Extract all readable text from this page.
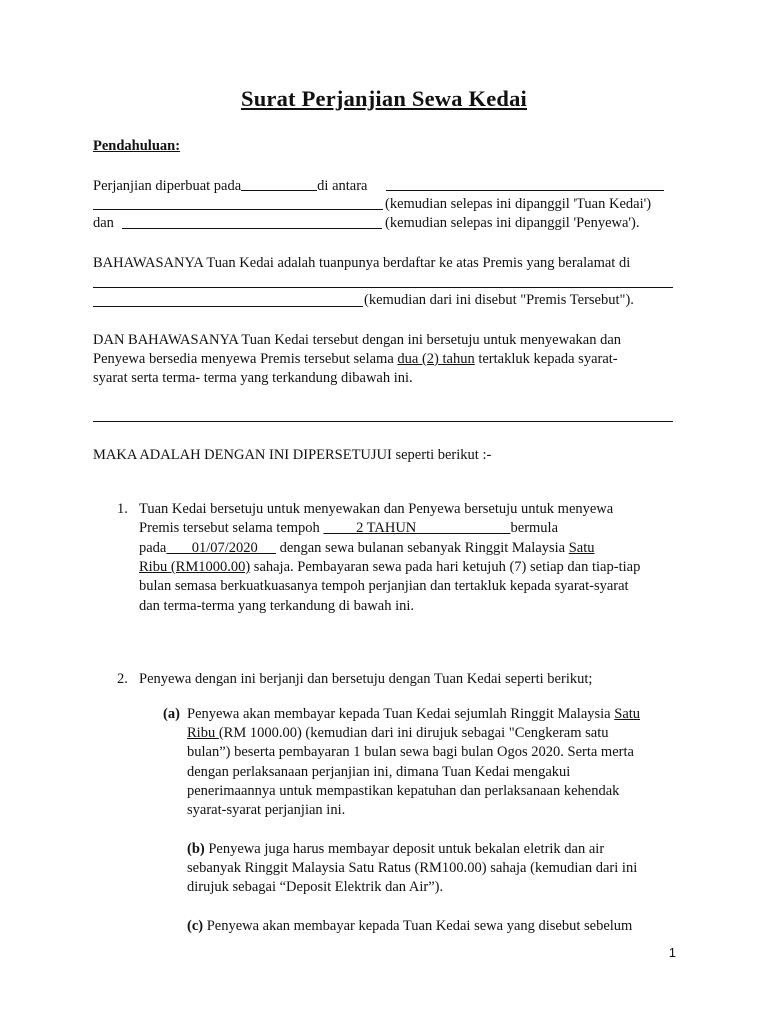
Surat Perjanjian Sewa Kedai
Pendahuluan:
Perjanjian diperbuat pada	di antara
(kemudian selepas ini dipanggil 'Tuan Kedai')
dan	(kemudian selepas ini dipanggil 'Penyewa').
BAHAWASANYA Tuan Kedai adalah tuanpunya berdaftar ke atas Premis yang beralamat di
(kemudian dari ini disebut "Premis Tersebut").
DAN BAHAWASANYA Tuan Kedai tersebut dengan ini bersetuju untuk menyewakan dan
Penyewa bersedia menyewa Premis tersebut selama dua (2) tahun tertakluk kepada syarat-
syarat serta terma- terma yang terkandung dibawah ini.
MAKA ADALAH DENGAN INI DIPERSETUJUI seperti berikut :-
1. Tuan Kedai bersetuju untuk menyewakan dan Penyewa bersetuju untuk menyewa
Premis tersebut selama tempoh          2 TAHUN                          bermula
pada       01/07/2020      dengan sewa bulanan sebanyak Ringgit Malaysia Satu
Ribu (RM1000.00) sahaja. Pembayaran sewa pada hari ketujuh (7) setiap dan tiap-tiap
bulan semasa berkuatkuasanya tempoh perjanjian dan tertakluk kepada syarat-syarat
dan terma-terma yang terkandung di bawah ini.
2. Penyewa dengan ini berjanji dan bersetuju dengan Tuan Kedai seperti berikut;
(a) Penyewa akan membayar kepada Tuan Kedai sejumlah Ringgit Malaysia Satu
Ribu (RM 1000.00) (kemudian dari ini dirujuk sebagai "Cengkeram satu
bulan”) beserta pembayaran 1 bulan sewa bagi bulan Ogos 2020. Serta merta
dengan perlaksanaan perjanjian ini, dimana Tuan Kedai mengakui
penerimaannya untuk mempastikan kepatuhan dan perlaksanaan kehendak
syarat-syarat perjanjian ini.
(b) Penyewa juga harus membayar deposit untuk bekalan eletrik dan air
sebanyak Ringgit Malaysia Satu Ratus (RM100.00) sahaja (kemudian dari ini
dirujuk sebagai “Deposit Elektrik dan Air”).
(c) Penyewa akan membayar kepada Tuan Kedai sewa yang disebut sebelum
1
